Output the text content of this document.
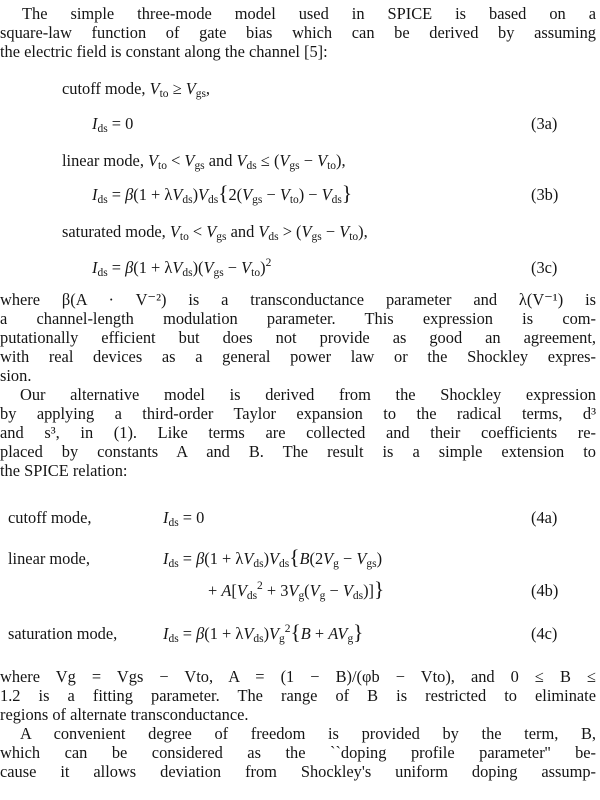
The simple three-mode model used in SPICE is based on a
square-law function of gate bias which can be derived by assuming
the electric field is constant along the channel [5]:
cutoff mode, $V_{to} \ge V_{gs}$,
$I_{ds} = 0$	(3a)
linear mode, $V_{to} < V_{gs}$ and $V_{ds} \le (V_{gs} - V_{to})$,
$I_{ds} = \beta(1 + \lambda V_{ds})V_{ds}\{2(V_{gs} - V_{to}) - V_{ds}\}$	(3b)
saturated mode, $V_{to} < V_{gs}$ and $V_{ds} > (V_{gs} - V_{to})$,
$I_{ds} = \beta(1 + \lambda V_{ds})(V_{gs} - V_{to})^2$	(3c)
where β(A · V⁻²) is a transconductance parameter and λ(V⁻¹) is
a channel-length modulation parameter. This expression is com-
putationally efficient but does not provide as good an agreement,
with real devices as a general power law or the Shockley expres-
sion.
Our alternative model is derived from the Shockley expression
by applying a third-order Taylor expansion to the radical terms, d³
and s³, in (1). Like terms are collected and their coefficients re-
placed by constants A and B. The result is a simple extension to
the SPICE relation:
cutoff mode,	$I_{ds} = 0$	(4a)
linear mode,	$I_{ds} = \beta(1 + \lambda V_{ds})V_{ds}\{B(2V_g - V_{gs})$
+ $A[V_{ds}^2 + 3V_g(V_g - V_{ds})]$}	(4b)
saturation mode,	$I_{ds} = \beta(1 + \lambda V_{ds})V_g^2\{B + AV_g\}$	(4c)
where Vg = Vgs − Vto, A = (1 − B)/(φb − Vto), and 0 ≤ B ≤
1.2 is a fitting parameter. The range of B is restricted to eliminate
regions of alternate transconductance.
A convenient degree of freedom is provided by the term, B,
which can be considered as the ``doping profile parameter'' be-
cause it allows deviation from Shockley's uniform doping assump-
